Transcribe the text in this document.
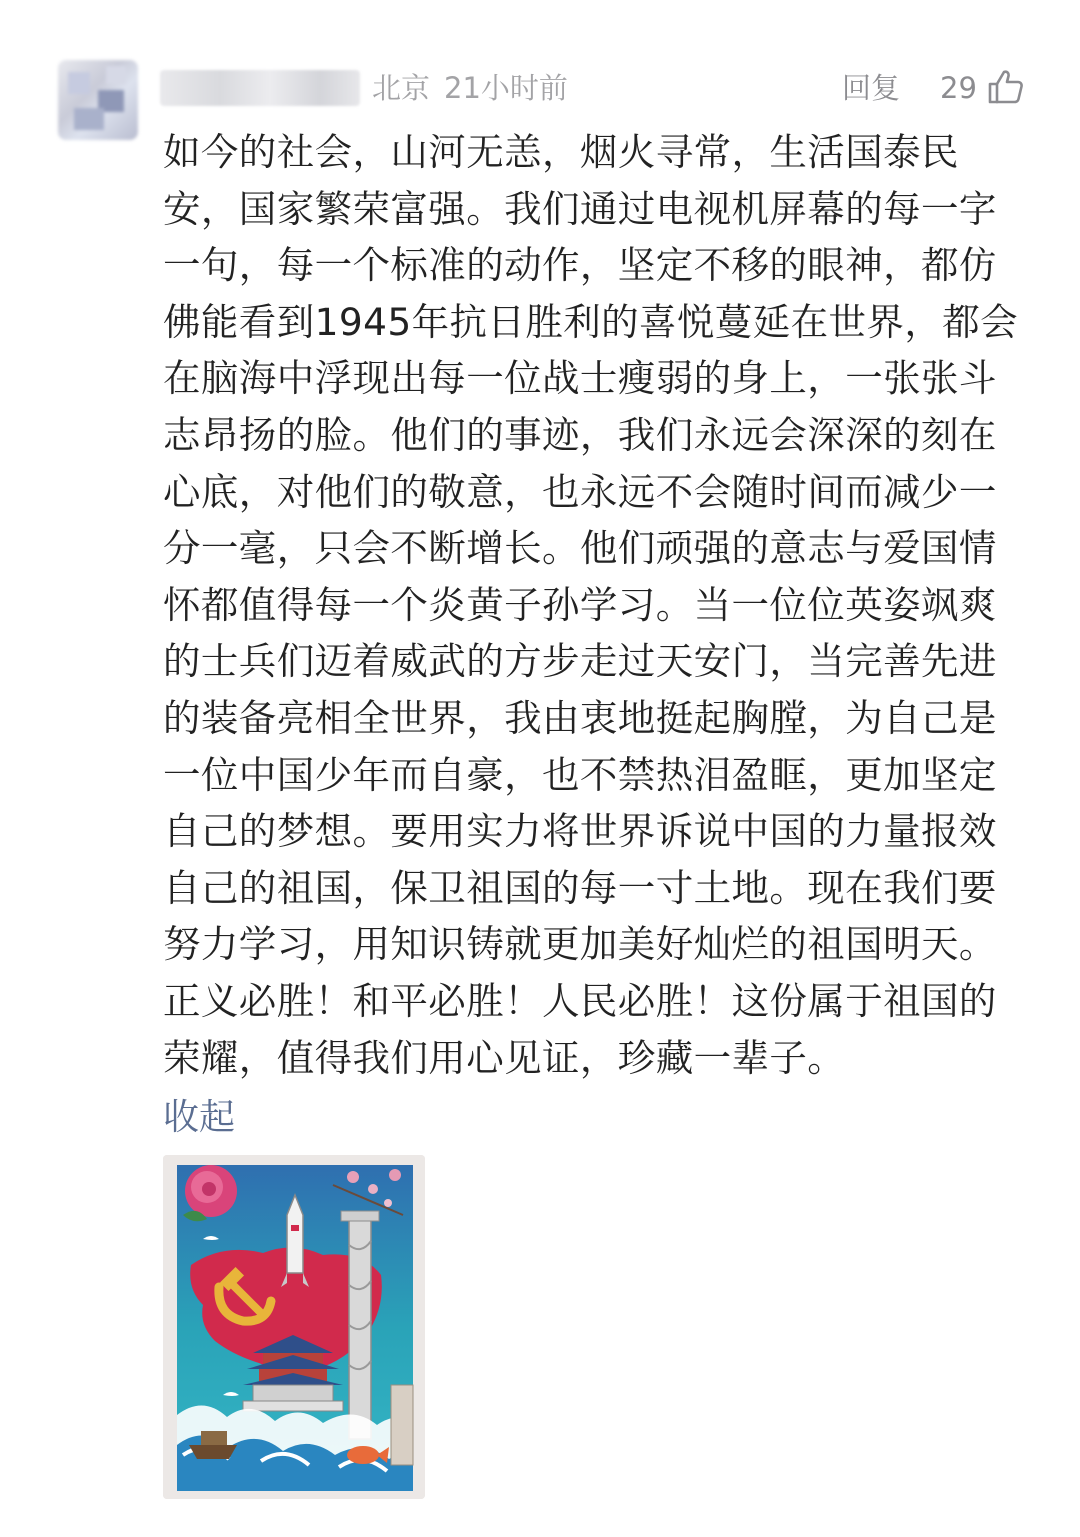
北京 21小时前	回复 29
如今的社会，山河无恙，烟火寻常，生活国泰民
安，国家繁荣富强。我们通过电视机屏幕的每一字
一句，每一个标准的动作，坚定不移的眼神，都仿
佛能看到1945年抗日胜利的喜悦蔓延在世界，都会
在脑海中浮现出每一位战士瘦弱的身上，一张张斗
志昂扬的脸。他们的事迹，我们永远会深深的刻在
心底，对他们的敬意，也永远不会随时间而减少一
分一毫，只会不断增长。他们顽强的意志与爱国情
怀都值得每一个炎黄子孙学习。当一位位英姿飒爽
的士兵们迈着威武的方步走过天安门，当完善先进
的装备亮相全世界，我由衷地挺起胸膛，为自己是
一位中国少年而自豪，也不禁热泪盈眶，更加坚定
自己的梦想。要用实力将世界诉说中国的力量报效
自己的祖国，保卫祖国的每一寸土地。现在我们要
努力学习，用知识铸就更加美好灿烂的祖国明天。
正义必胜！和平必胜！人民必胜！这份属于祖国的
荣耀，值得我们用心见证，珍藏一辈子。
收起
